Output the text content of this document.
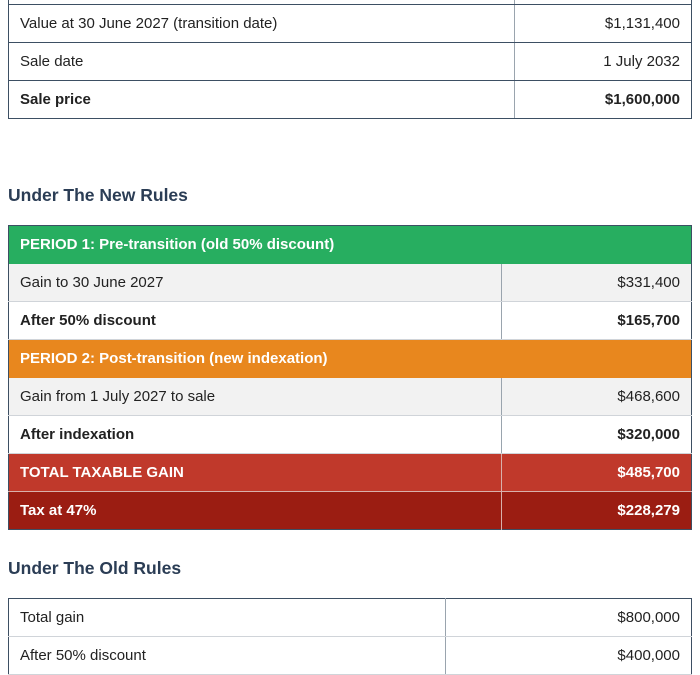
Value at 30 June 2027 (transition date)	$1,131,400
Sale date	1 July 2032
Sale price	$1,600,000
Under The New Rules
PERIOD 1: Pre-transition (old 50% discount)	
Gain to 30 June 2027	$331,400
After 50% discount	$165,700
PERIOD 2: Post-transition (new indexation)	
Gain from 1 July 2027 to sale	$468,600
After indexation	$320,000
TOTAL TAXABLE GAIN	$485,700
Tax at 47%	$228,279
Under The Old Rules
Total gain	$800,000
After 50% discount	$400,000
